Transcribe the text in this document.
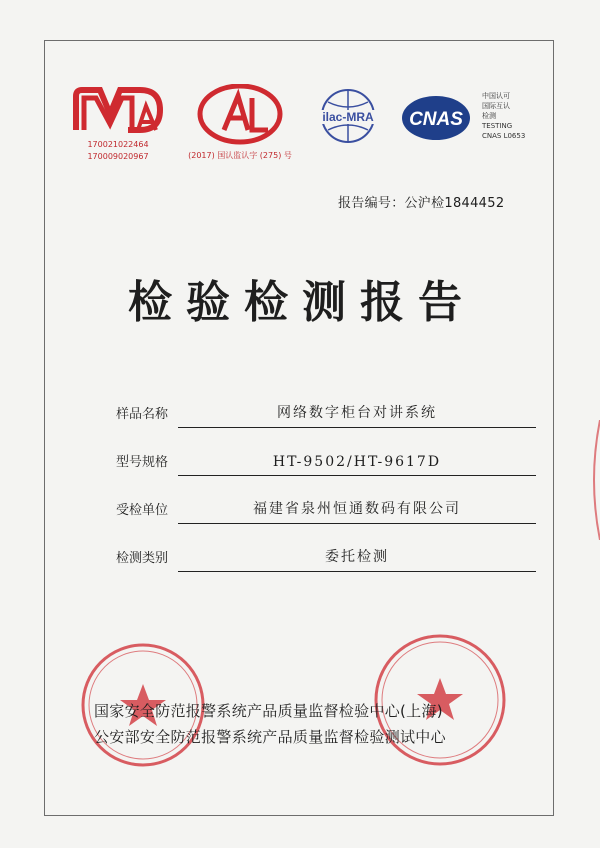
170021022464
170009020967	(2017) 国认监认字 (275) 号
ilac-MRA CNAS
中国认可
国际互认
检测
TESTING
CNAS L0653
报告编号：公沪检1844452
检验检测报告
样品名称	网络数字柜台对讲系统
型号规格	HT-9502/HT-9617D
受检单位	福建省泉州恒通数码有限公司
检测类别	委托检测
国家安全防范报警系统产品质量监督检验中心(上海)
公安部安全防范报警系统产品质量监督检验测试中心
